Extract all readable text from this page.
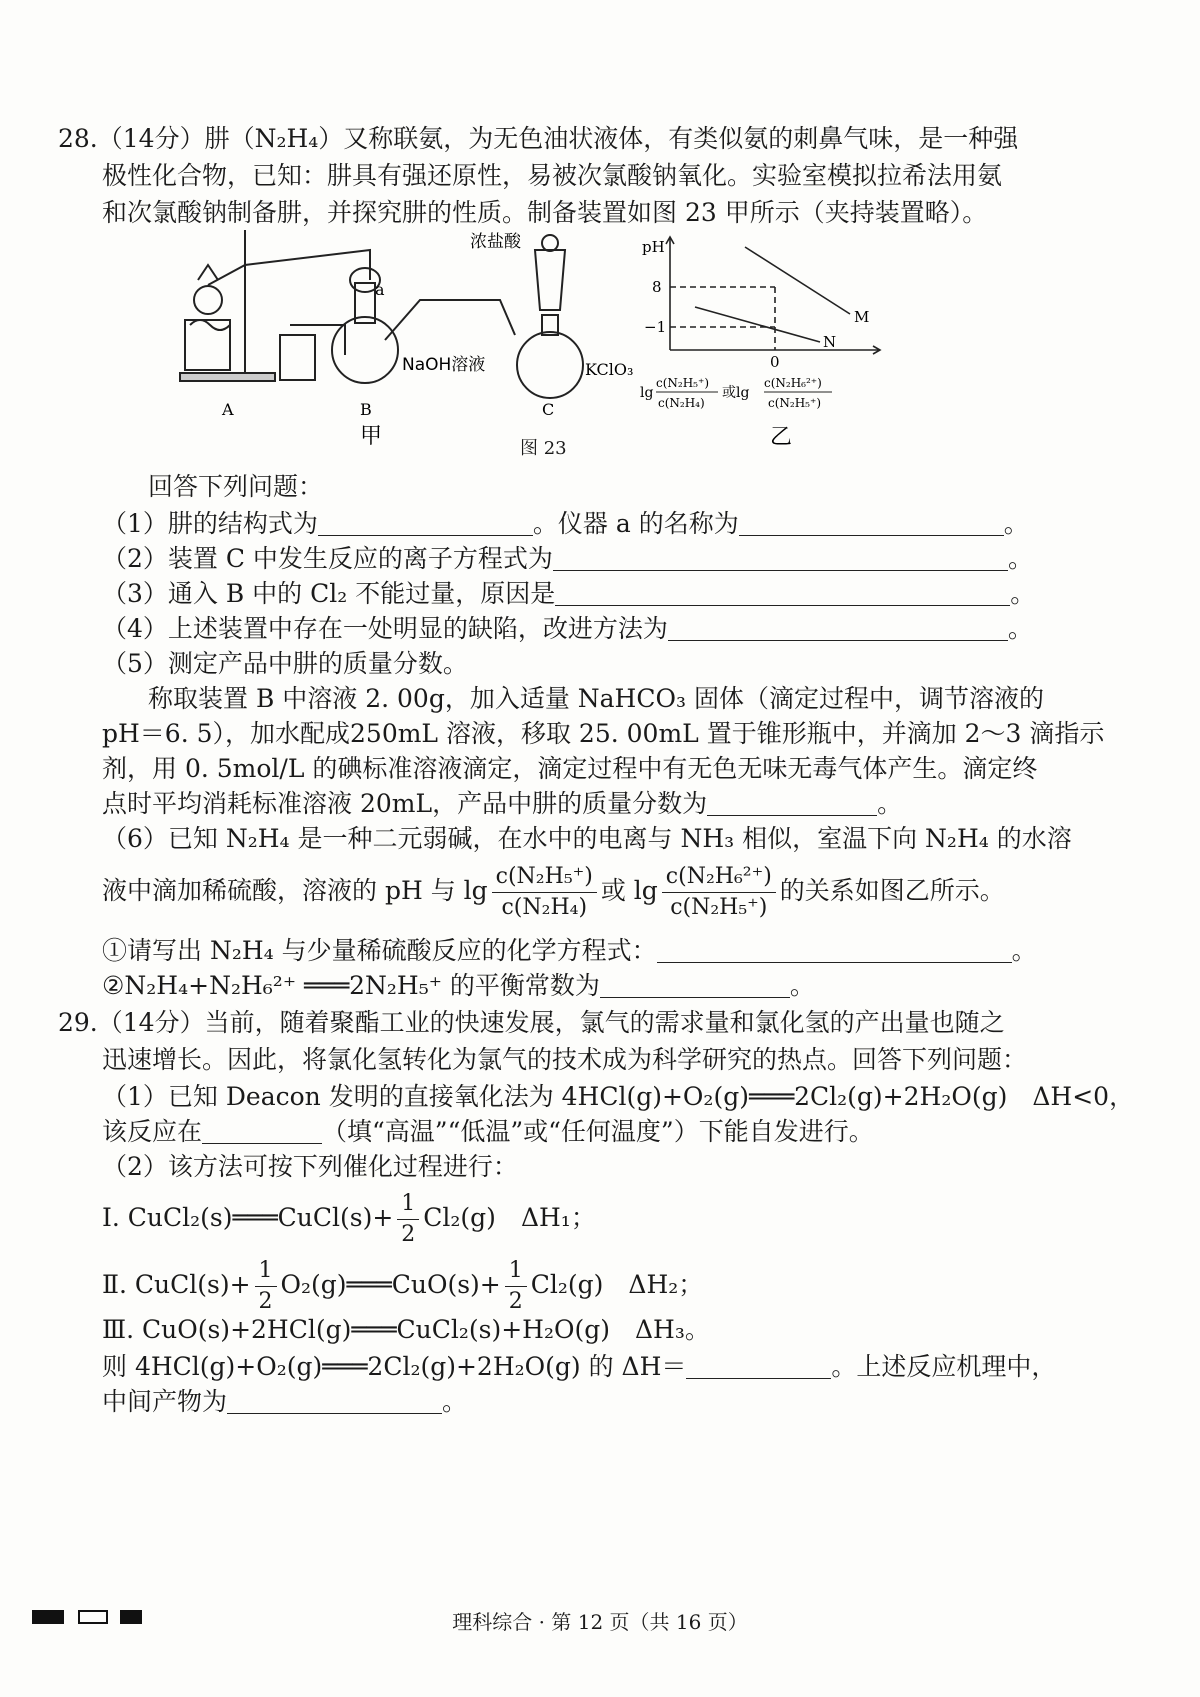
28.（14分）肼（N₂H₄）又称联氨，为无色油状液体，有类似氨的刺鼻气味，是一种强
极性化合物，已知：肼具有强还原性，易被次氯酸钠氧化。实验室模拟拉希法用氨
和次氯酸钠制备肼，并探究肼的性质。制备装置如图 23 甲所示（夹持装置略）。
a
NaOH溶液
浓盐酸
KClO₃
A	B	C
甲	图 23
pH
8
−1
0
M
N
lg
c(N₂H₅⁺)
c(N₂H₄)
或lg
c(N₂H₆²⁺)
c(N₂H₅⁺)
乙
回答下列问题：
（1）肼的结构式为	。仪器 a 的名称为	。
（2）装置 C 中发生反应的离子方程式为	。
（3）通入 B 中的 Cl₂ 不能过量，原因是	。
（4）上述装置中存在一处明显的缺陷，改进方法为	。
（5）测定产品中肼的质量分数。
称取装置 B 中溶液 2. 00g，加入适量 NaHCO₃ 固体（滴定过程中，调节溶液的
pH＝6. 5），加水配成250mL 溶液，移取 25. 00mL 置于锥形瓶中，并滴加 2～3 滴指示
剂，用 0. 5mol/L 的碘标准溶液滴定，滴定过程中有无色无味无毒气体产生。滴定终
点时平均消耗标准溶液 20mL，产品中肼的质量分数为	。
（6）已知 N₂H₄ 是一种二元弱碱，在水中的电离与 NH₃ 相似，室温下向 N₂H₄ 的水溶
液中滴加稀硫酸，溶液的 pH 与 $\lg \frac{\text{c(N₂H₅⁺)}}{\text{c(N₂H₄)}}$ 或 $\lg \frac{\text{c(N₂H₆²⁺)}}{\text{c(N₂H₅⁺)}}$ 的关系如图乙所示。
①请写出 N₂H₄ 与少量稀硫酸反应的化学方程式：	。
②N₂H₄+N₂H₆²⁺ ═══2N₂H₅⁺ 的平衡常数为	。
29.（14分）当前，随着聚酯工业的快速发展，氯气的需求量和氯化氢的产出量也随之
迅速增长。因此，将氯化氢转化为氯气的技术成为科学研究的热点。回答下列问题：
（1）已知 Deacon 发明的直接氧化法为 4HCl(g)+O₂(g)═══2Cl₂(g)+2H₂O(g)　ΔH<0，
该反应在	（填“高温”“低温”或“任何温度”）下能自发进行。
（2）该方法可按下列催化过程进行：
Ⅰ. CuCl₂(s)═══CuCl(s)+ $\frac{1}{2} Cl_2(g)$　ΔH₁；
Ⅱ. CuCl(s)+ $\frac{1}{2}$ O₂(g)═══CuO(s)+ $\frac{1}{2} Cl_2(g)$　ΔH₂；
Ⅲ. CuO(s)+2HCl(g)═══CuCl₂(s)+H₂O(g)　ΔH₃。
则 4HCl(g)+O₂(g)═══2Cl₂(g)+2H₂O(g) 的 ΔH＝	。上述反应机理中，
中间产物为	。
理科综合 · 第 12 页（共 16 页）
